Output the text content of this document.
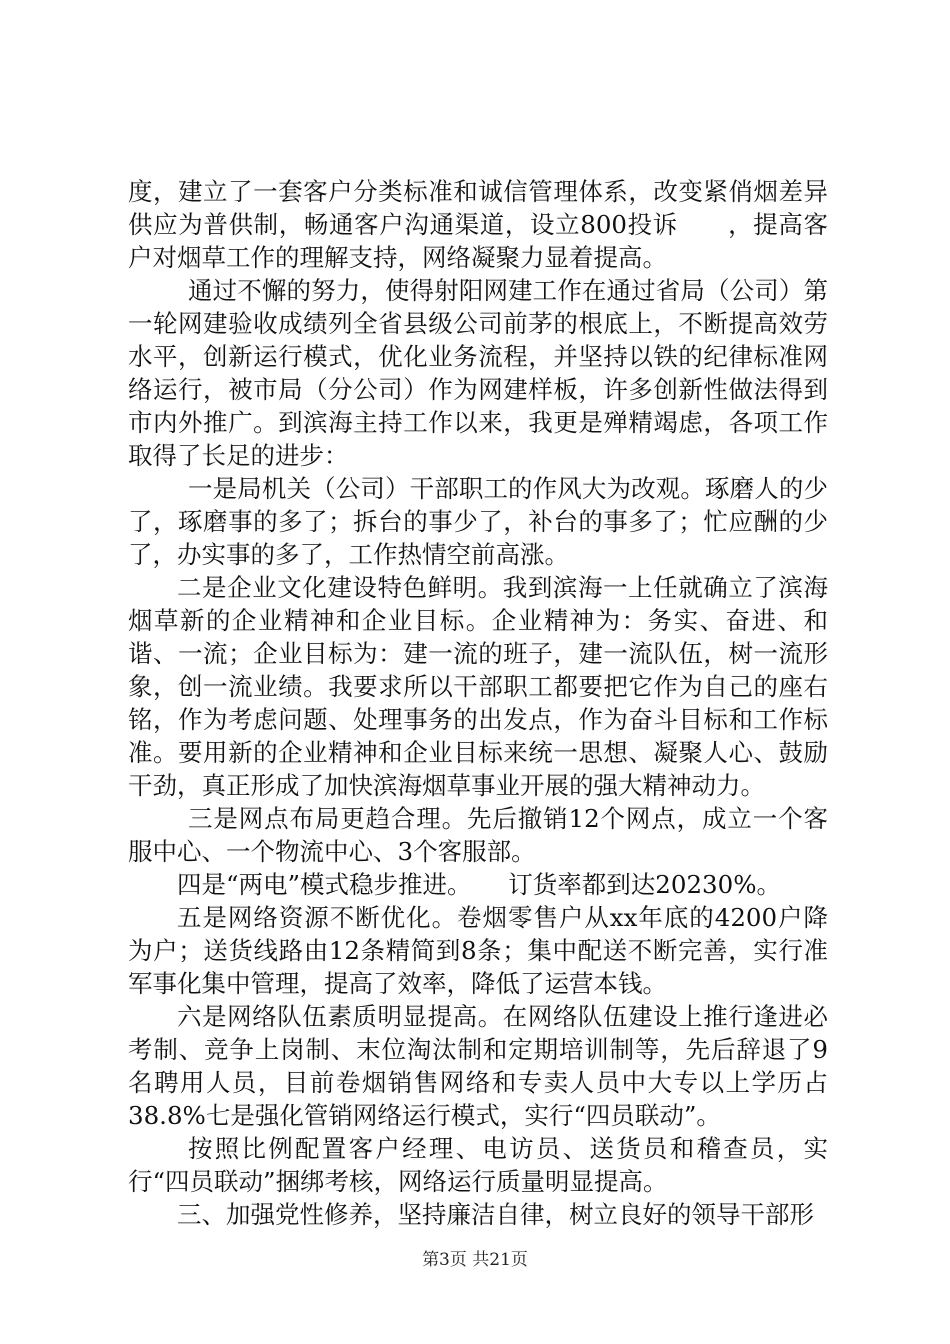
度，建立了一套客户分类标准和诚信管理体系，改变紧俏烟差异供应为普供制，畅通客户沟通渠道，设立800投诉　　，提高客户对烟草工作的理解支持，网络凝聚力显着提高。

通过不懈的努力，使得射阳网建工作在通过省局（公司）第一轮网建验收成绩列全省县级公司前茅的根底上，不断提高效劳水平，创新运行模式，优化业务流程，并坚持以铁的纪律标准网络运行，被市局（分公司）作为网建样板，许多创新性做法得到市内外推广。到滨海主持工作以来，我更是殚精竭虑，各项工作取得了长足的进步：

一是局机关（公司）干部职工的作风大为改观。琢磨人的少了，琢磨事的多了；拆台的事少了，补台的事多了；忙应酬的少了，办实事的多了，工作热情空前高涨。

二是企业文化建设特色鲜明。我到滨海一上任就确立了滨海烟草新的企业精神和企业目标。企业精神为：务实、奋进、和谐、一流；企业目标为：建一流的班子，建一流队伍，树一流形象，创一流业绩。我要求所以干部职工都要把它作为自己的座右铭，作为考虑问题、处理事务的出发点，作为奋斗目标和工作标准。要用新的企业精神和企业目标来统一思想、凝聚人心、鼓励干劲，真正形成了加快滨海烟草事业开展的强大精神动力。

三是网点布局更趋合理。先后撤销12个网点，成立一个客服中心、一个物流中心、3个客服部。

四是“两电”模式稳步推进。　　订货率都到达20230%。

五是网络资源不断优化。卷烟零售户从xx年底的4200户降为户；送货线路由12条精简到8条；集中配送不断完善，实行准军事化集中管理，提高了效率，降低了运营本钱。

六是网络队伍素质明显提高。在网络队伍建设上推行逢进必考制、竞争上岗制、末位淘汰制和定期培训制等，先后辞退了9名聘用人员，目前卷烟销售网络和专卖人员中大专以上学历占38.8%七是强化管销网络运行模式，实行“四员联动”。

按照比例配置客户经理、电访员、送货员和稽查员，实行“四员联动”捆绑考核，网络运行质量明显提高。

三、加强党性修养，坚持廉洁自律，树立良好的领导干部形

第3页 共21页
